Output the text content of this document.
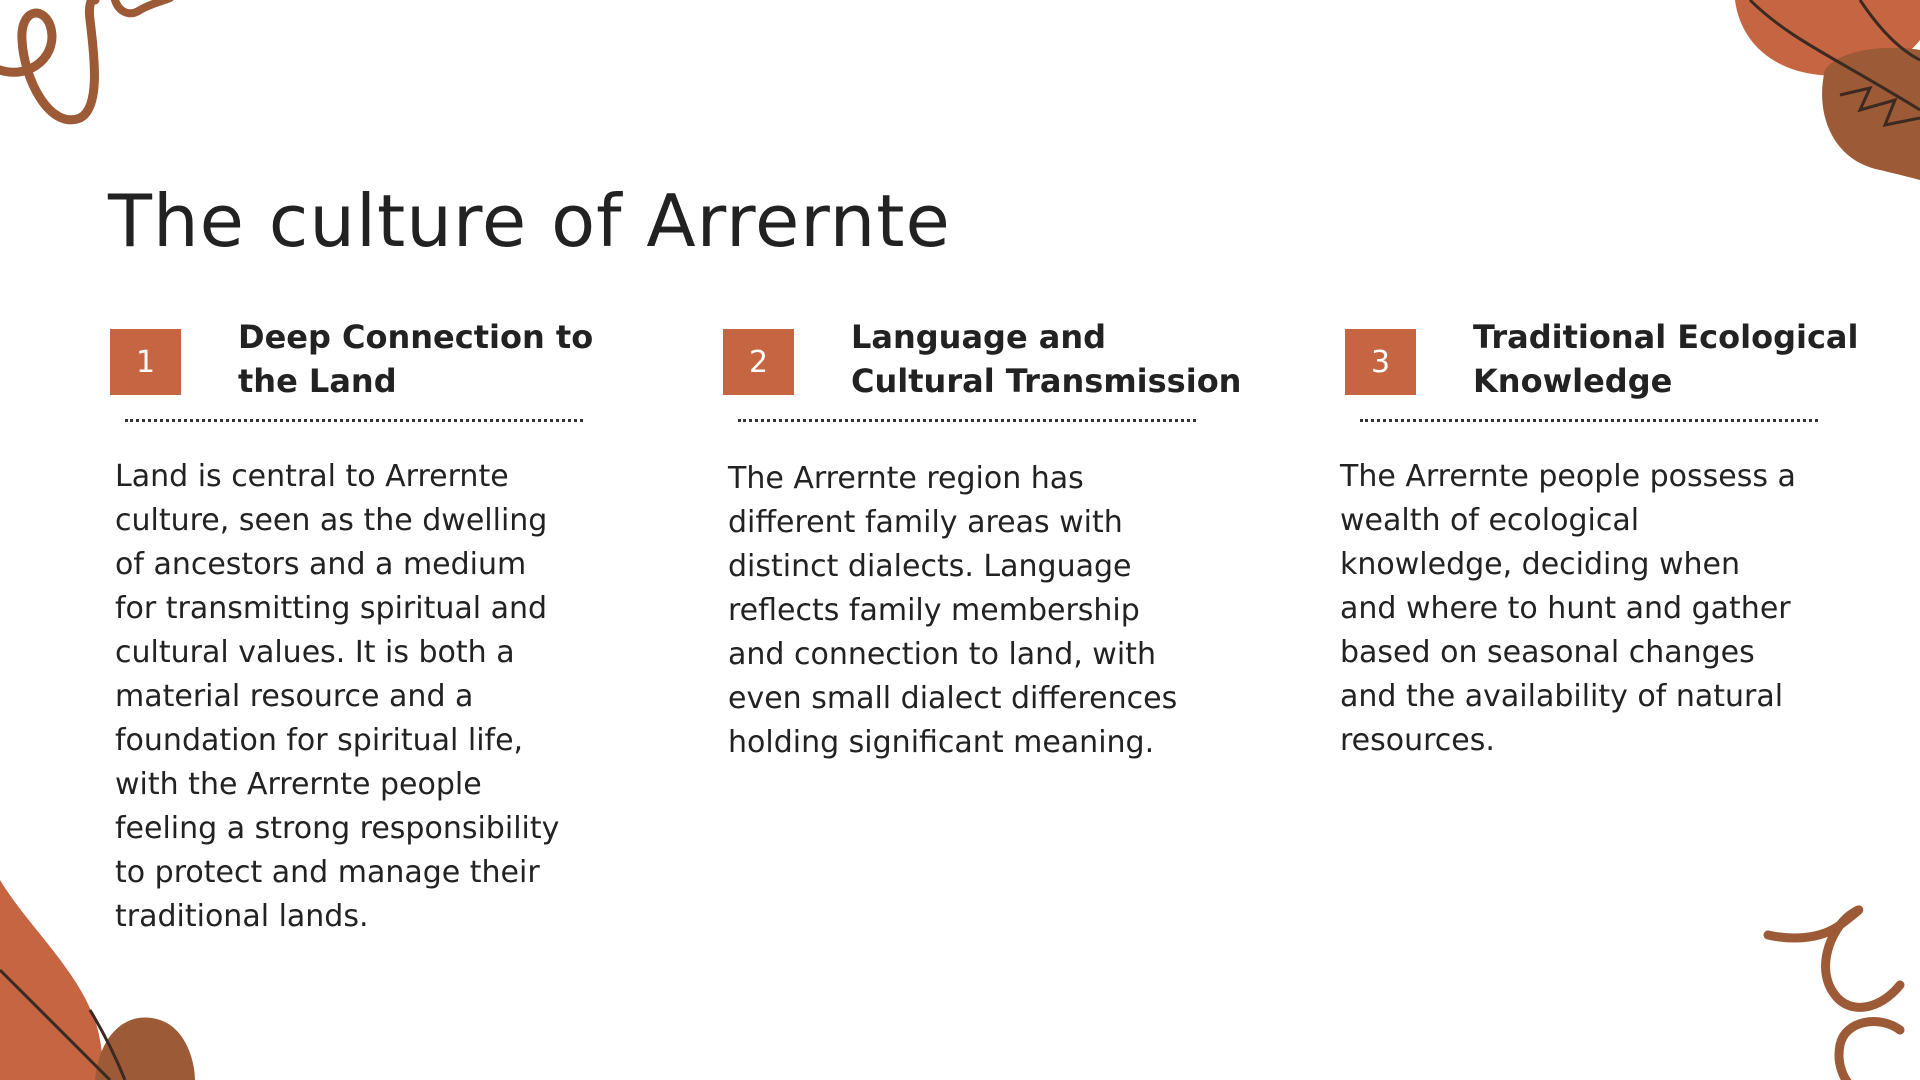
The culture of Arrernte
1
Deep Connection to
the Land

Land is central to Arrernte
culture, seen as the dwelling
of ancestors and a medium
for transmitting spiritual and
cultural values. It is both a
material resource and a
foundation for spiritual life,
with the Arrernte people
feeling a strong responsibility
to protect and manage their
traditional lands.

2
Language and
Cultural Transmission

The Arrernte region has
different family areas with
distinct dialects. Language
reflects family membership
and connection to land, with
even small dialect differences
holding significant meaning.

3
Traditional Ecological
Knowledge

The Arrernte people possess a
wealth of ecological
knowledge, deciding when
and where to hunt and gather
based on seasonal changes
and the availability of natural
resources.
